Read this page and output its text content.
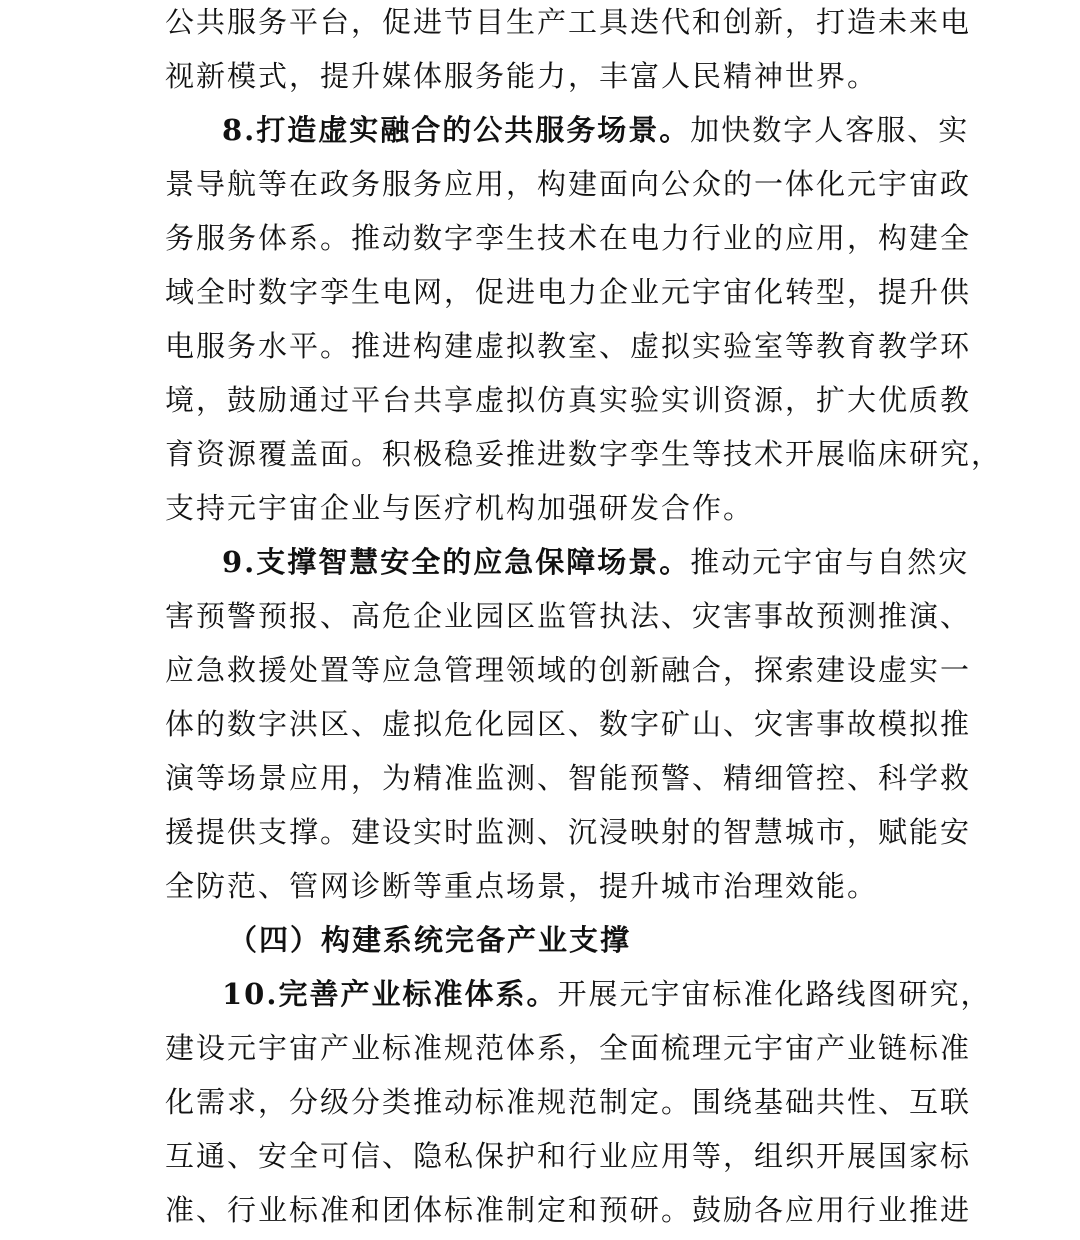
公共服务平台，促进节目生产工具迭代和创新，打造未来电
视新模式，提升媒体服务能力，丰富人民精神世界。
8.打造虚实融合的公共服务场景。加快数字人客服、实
景导航等在政务服务应用，构建面向公众的一体化元宇宙政
务服务体系。推动数字孪生技术在电力行业的应用，构建全
域全时数字孪生电网，促进电力企业元宇宙化转型，提升供
电服务水平。推进构建虚拟教室、虚拟实验室等教育教学环
境，鼓励通过平台共享虚拟仿真实验实训资源，扩大优质教
育资源覆盖面。积极稳妥推进数字孪生等技术开展临床研究，
支持元宇宙企业与医疗机构加强研发合作。
9.支撑智慧安全的应急保障场景。推动元宇宙与自然灾
害预警预报、高危企业园区监管执法、灾害事故预测推演、
应急救援处置等应急管理领域的创新融合，探索建设虚实一
体的数字洪区、虚拟危化园区、数字矿山、灾害事故模拟推
演等场景应用，为精准监测、智能预警、精细管控、科学救
援提供支撑。建设实时监测、沉浸映射的智慧城市，赋能安
全防范、管网诊断等重点场景，提升城市治理效能。
（四）构建系统完备产业支撑
10.完善产业标准体系。开展元宇宙标准化路线图研究，
建设元宇宙产业标准规范体系，全面梳理元宇宙产业链标准
化需求，分级分类推动标准规范制定。围绕基础共性、互联
互通、安全可信、隐私保护和行业应用等，组织开展国家标
准、行业标准和团体标准制定和预研。鼓励各应用行业推进
